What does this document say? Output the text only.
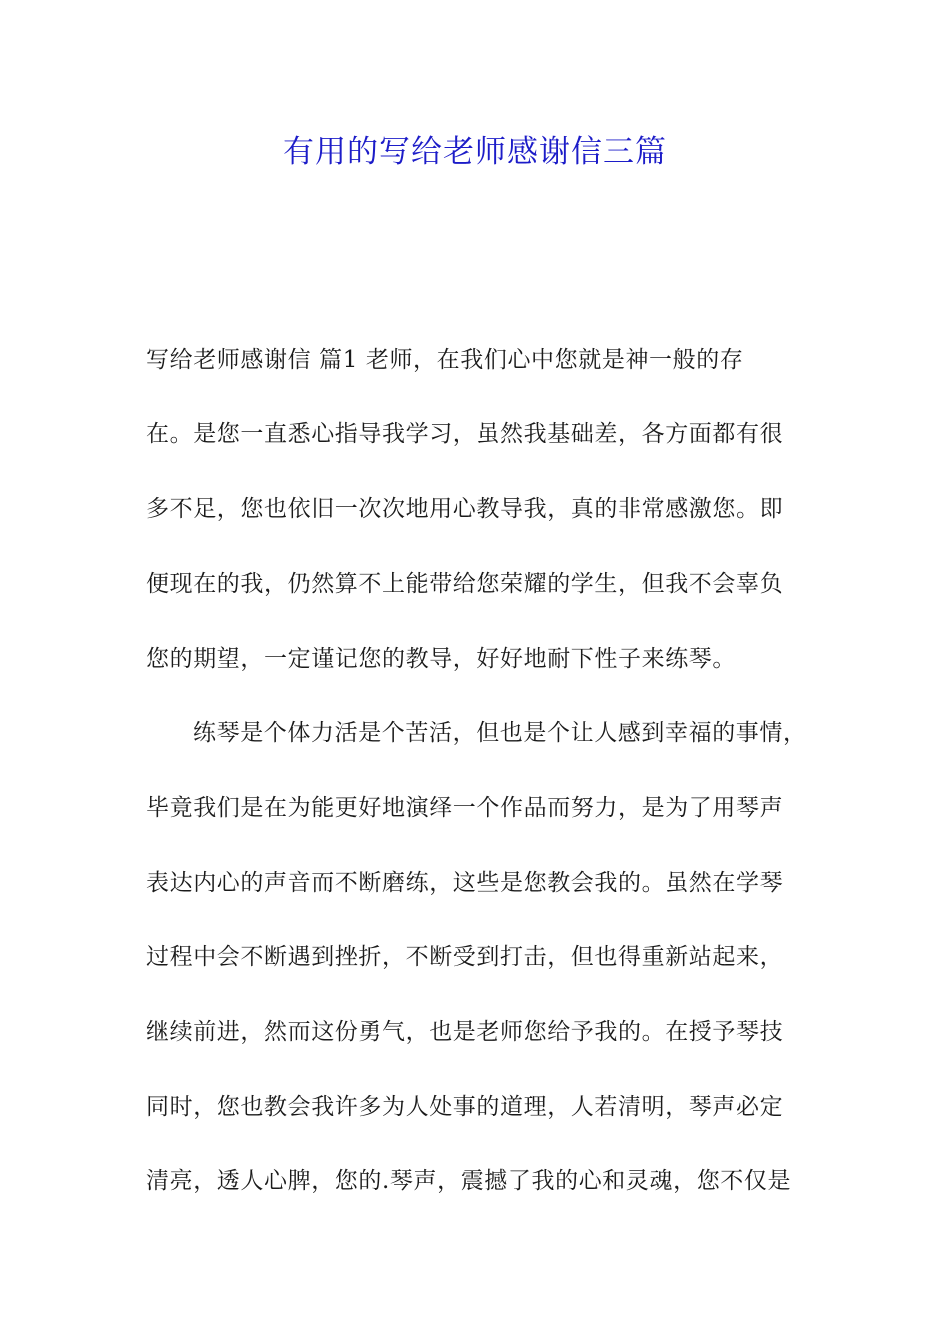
有用的写给老师感谢信三篇
写给老师感谢信 篇1 老师，在我们心中您就是神一般的存
在。是您一直悉心指导我学习，虽然我基础差，各方面都有很
多不足，您也依旧一次次地用心教导我，真的非常感激您。即
便现在的我，仍然算不上能带给您荣耀的学生，但我不会辜负
您的期望，一定谨记您的教导，好好地耐下性子来练琴。
练琴是个体力活是个苦活，但也是个让人感到幸福的事情，
毕竟我们是在为能更好地演绎一个作品而努力，是为了用琴声
表达内心的声音而不断磨练，这些是您教会我的。虽然在学琴
过程中会不断遇到挫折，不断受到打击，但也得重新站起来，
继续前进，然而这份勇气，也是老师您给予我的。在授予琴技
同时，您也教会我许多为人处事的道理，人若清明，琴声必定
清亮，透人心脾，您的.琴声，震撼了我的心和灵魂，您不仅是
